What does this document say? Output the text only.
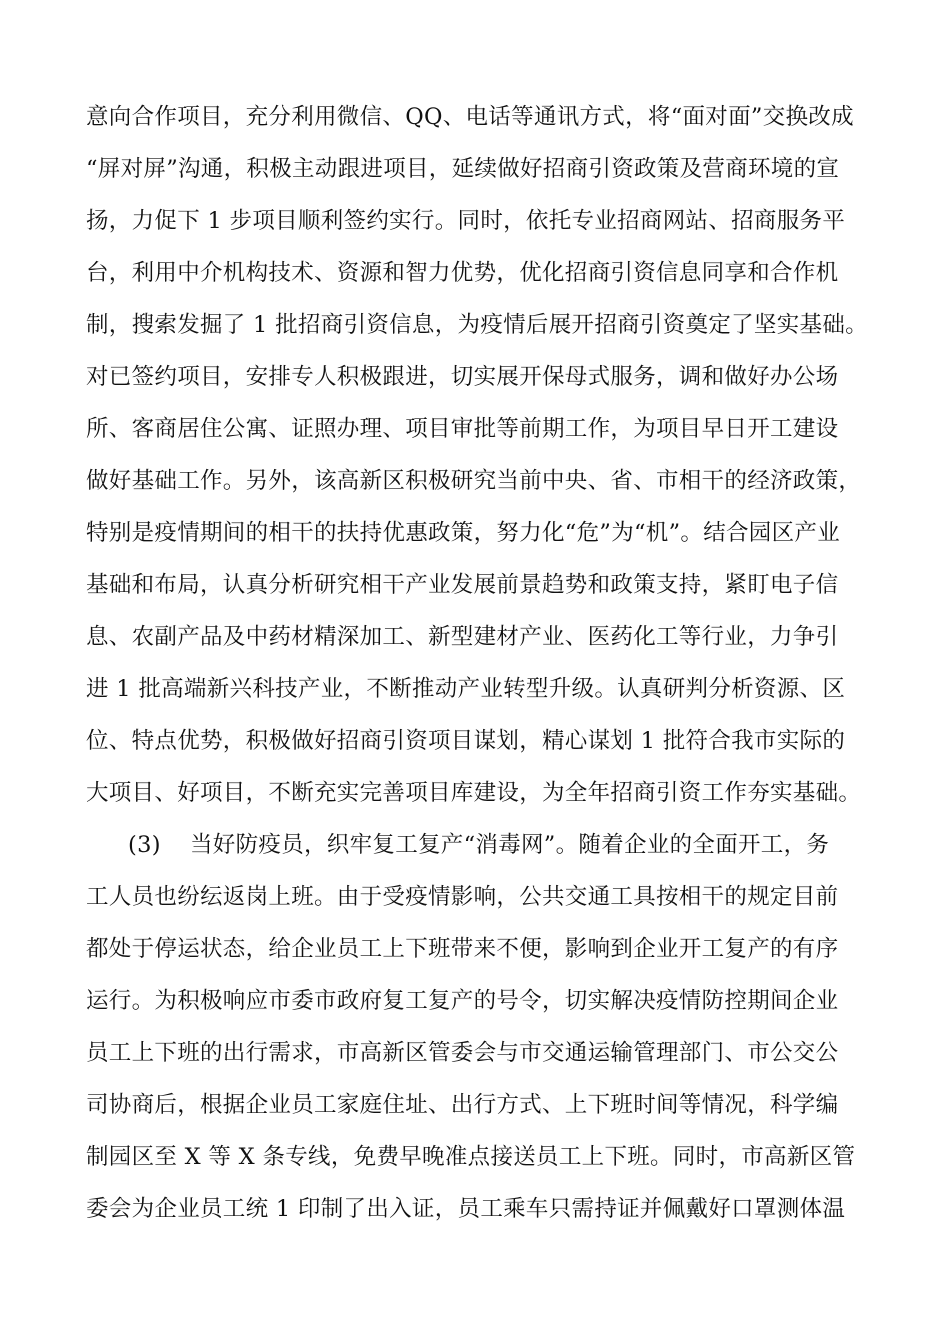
意向合作项目，充分利用微信、QQ、电话等通讯方式，将“面对面”交换改成
“屏对屏”沟通，积极主动跟进项目，延续做好招商引资政策及营商环境的宣
扬，力促下 1 步项目顺利签约实行。同时，依托专业招商网站、招商服务平
台，利用中介机构技术、资源和智力优势，优化招商引资信息同享和合作机
制，搜索发掘了 1 批招商引资信息，为疫情后展开招商引资奠定了坚实基础。
对已签约项目，安排专人积极跟进，切实展开保母式服务，调和做好办公场
所、客商居住公寓、证照办理、项目审批等前期工作，为项目早日开工建设
做好基础工作。另外，该高新区积极研究当前中央、省、市相干的经济政策，
特别是疫情期间的相干的扶持优惠政策，努力化“危”为“机”。结合园区产业
基础和布局，认真分析研究相干产业发展前景趋势和政策支持，紧盯电子信
息、农副产品及中药材精深加工、新型建材产业、医药化工等行业，力争引
进 1 批高端新兴科技产业，不断推动产业转型升级。认真研判分析资源、区
位、特点优势，积极做好招商引资项目谋划，精心谋划 1 批符合我市实际的
大项目、好项目，不断充实完善项目库建设，为全年招商引资工作夯实基础。
(3) 当好防疫员，织牢复工复产“消毒网”。随着企业的全面开工，务
工人员也纷纭返岗上班。由于受疫情影响，公共交通工具按相干的规定目前
都处于停运状态，给企业员工上下班带来不便，影响到企业开工复产的有序
运行。为积极响应市委市政府复工复产的号令，切实解决疫情防控期间企业
员工上下班的出行需求，市高新区管委会与市交通运输管理部门、市公交公
司协商后，根据企业员工家庭住址、出行方式、上下班时间等情况，科学编
制园区至 X 等 X 条专线，免费早晚准点接送员工上下班。同时，市高新区管
委会为企业员工统 1 印制了出入证，员工乘车只需持证并佩戴好口罩测体温
